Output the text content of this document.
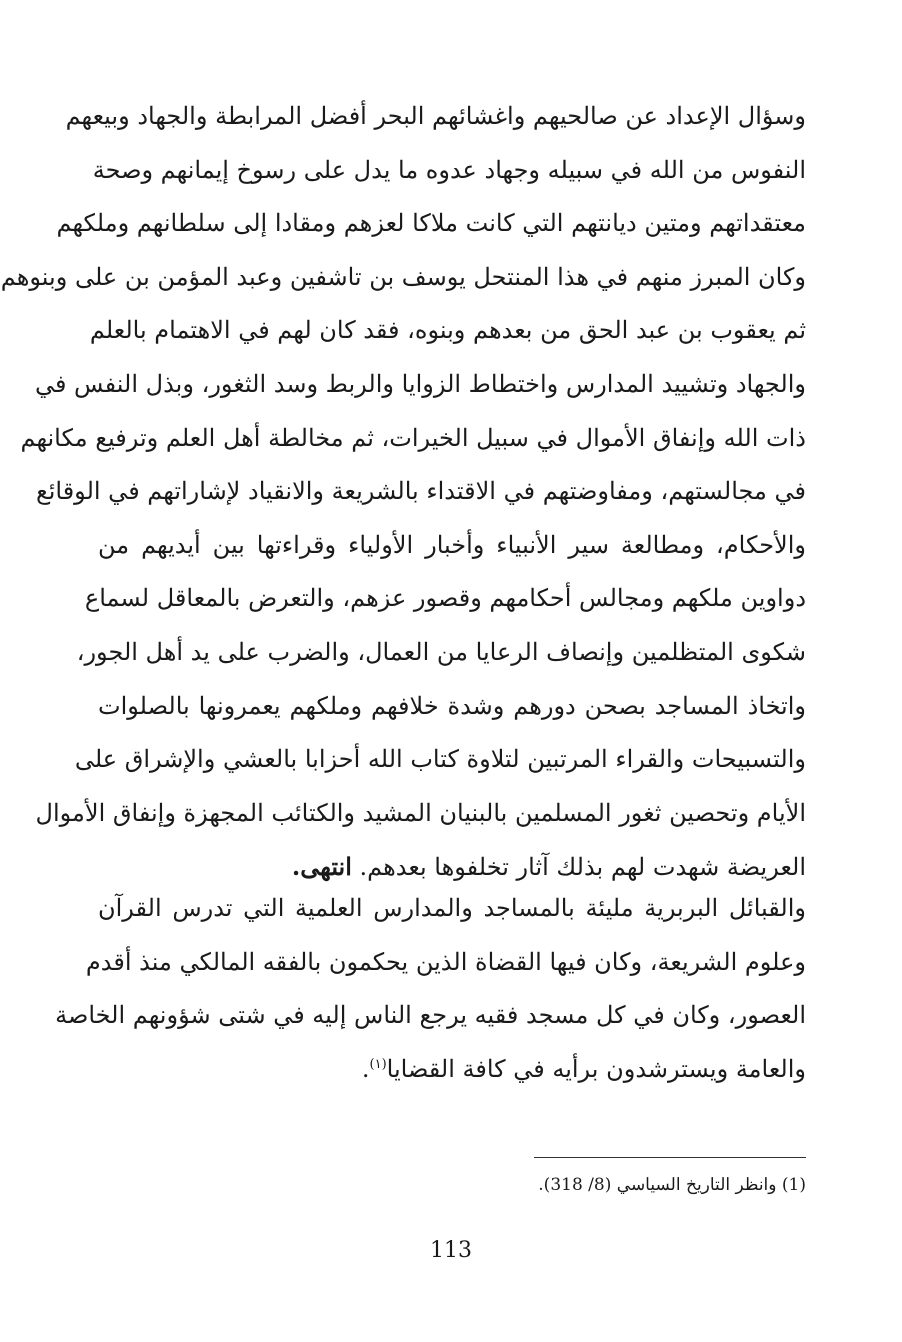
وسؤال الإعداد عن صالحيهم واغشائهم البحر أفضل المرابطة والجهاد وبيعهم
النفوس من الله في سبيله وجهاد عدوه ما يدل على رسوخ إيمانهم وصحة
معتقداتهم ومتين ديانتهم التي كانت ملاكا لعزهم ومقادا إلى سلطانهم وملكهم
وكان المبرز منهم في هذا المنتحل يوسف بن تاشفين وعبد المؤمن بن على وبنوهم
ثم يعقوب بن عبد الحق من بعدهم وبنوه، فقد كان لهم في الاهتمام بالعلم
والجهاد وتشييد المدارس واختطاط الزوايا والربط وسد الثغور، وبذل النفس في
ذات الله وإنفاق الأموال في سبيل الخيرات، ثم مخالطة أهل العلم وترفيع مكانهم
في مجالستهم، ومفاوضتهم في الاقتداء بالشريعة والانقياد لإشاراتهم في الوقائع
والأحكام، ومطالعة سير الأنبياء وأخبار الأولياء وقراءتها بين أيديهم من
دواوين ملكهم ومجالس أحكامهم وقصور عزهم، والتعرض بالمعاقل لسماع
شكوى المتظلمين وإنصاف الرعايا من العمال، والضرب على يد أهل الجور،
واتخاذ المساجد بصحن دورهم وشدة خلافهم وملكهم يعمرونها بالصلوات
والتسبيحات والقراء المرتبين لتلاوة كتاب الله أحزابا بالعشي والإشراق على
الأيام وتحصين ثغور المسلمين بالبنيان المشيد والكتائب المجهزة وإنفاق الأموال
العريضة شهدت لهم بذلك آثار تخلفوها بعدهم. انتهى.
والقبائل البربرية مليئة بالمساجد والمدارس العلمية التي تدرس القرآن
وعلوم الشريعة، وكان فيها القضاة الذين يحكمون بالفقه المالكي منذ أقدم
العصور، وكان في كل مسجد فقيه يرجع الناس إليه في شتى شؤونهم الخاصة
والعامة ويسترشدون برأيه في كافة القضايا$^{(١)}$.
(1) وانظر التاريخ السياسي (8/ 318).
113
